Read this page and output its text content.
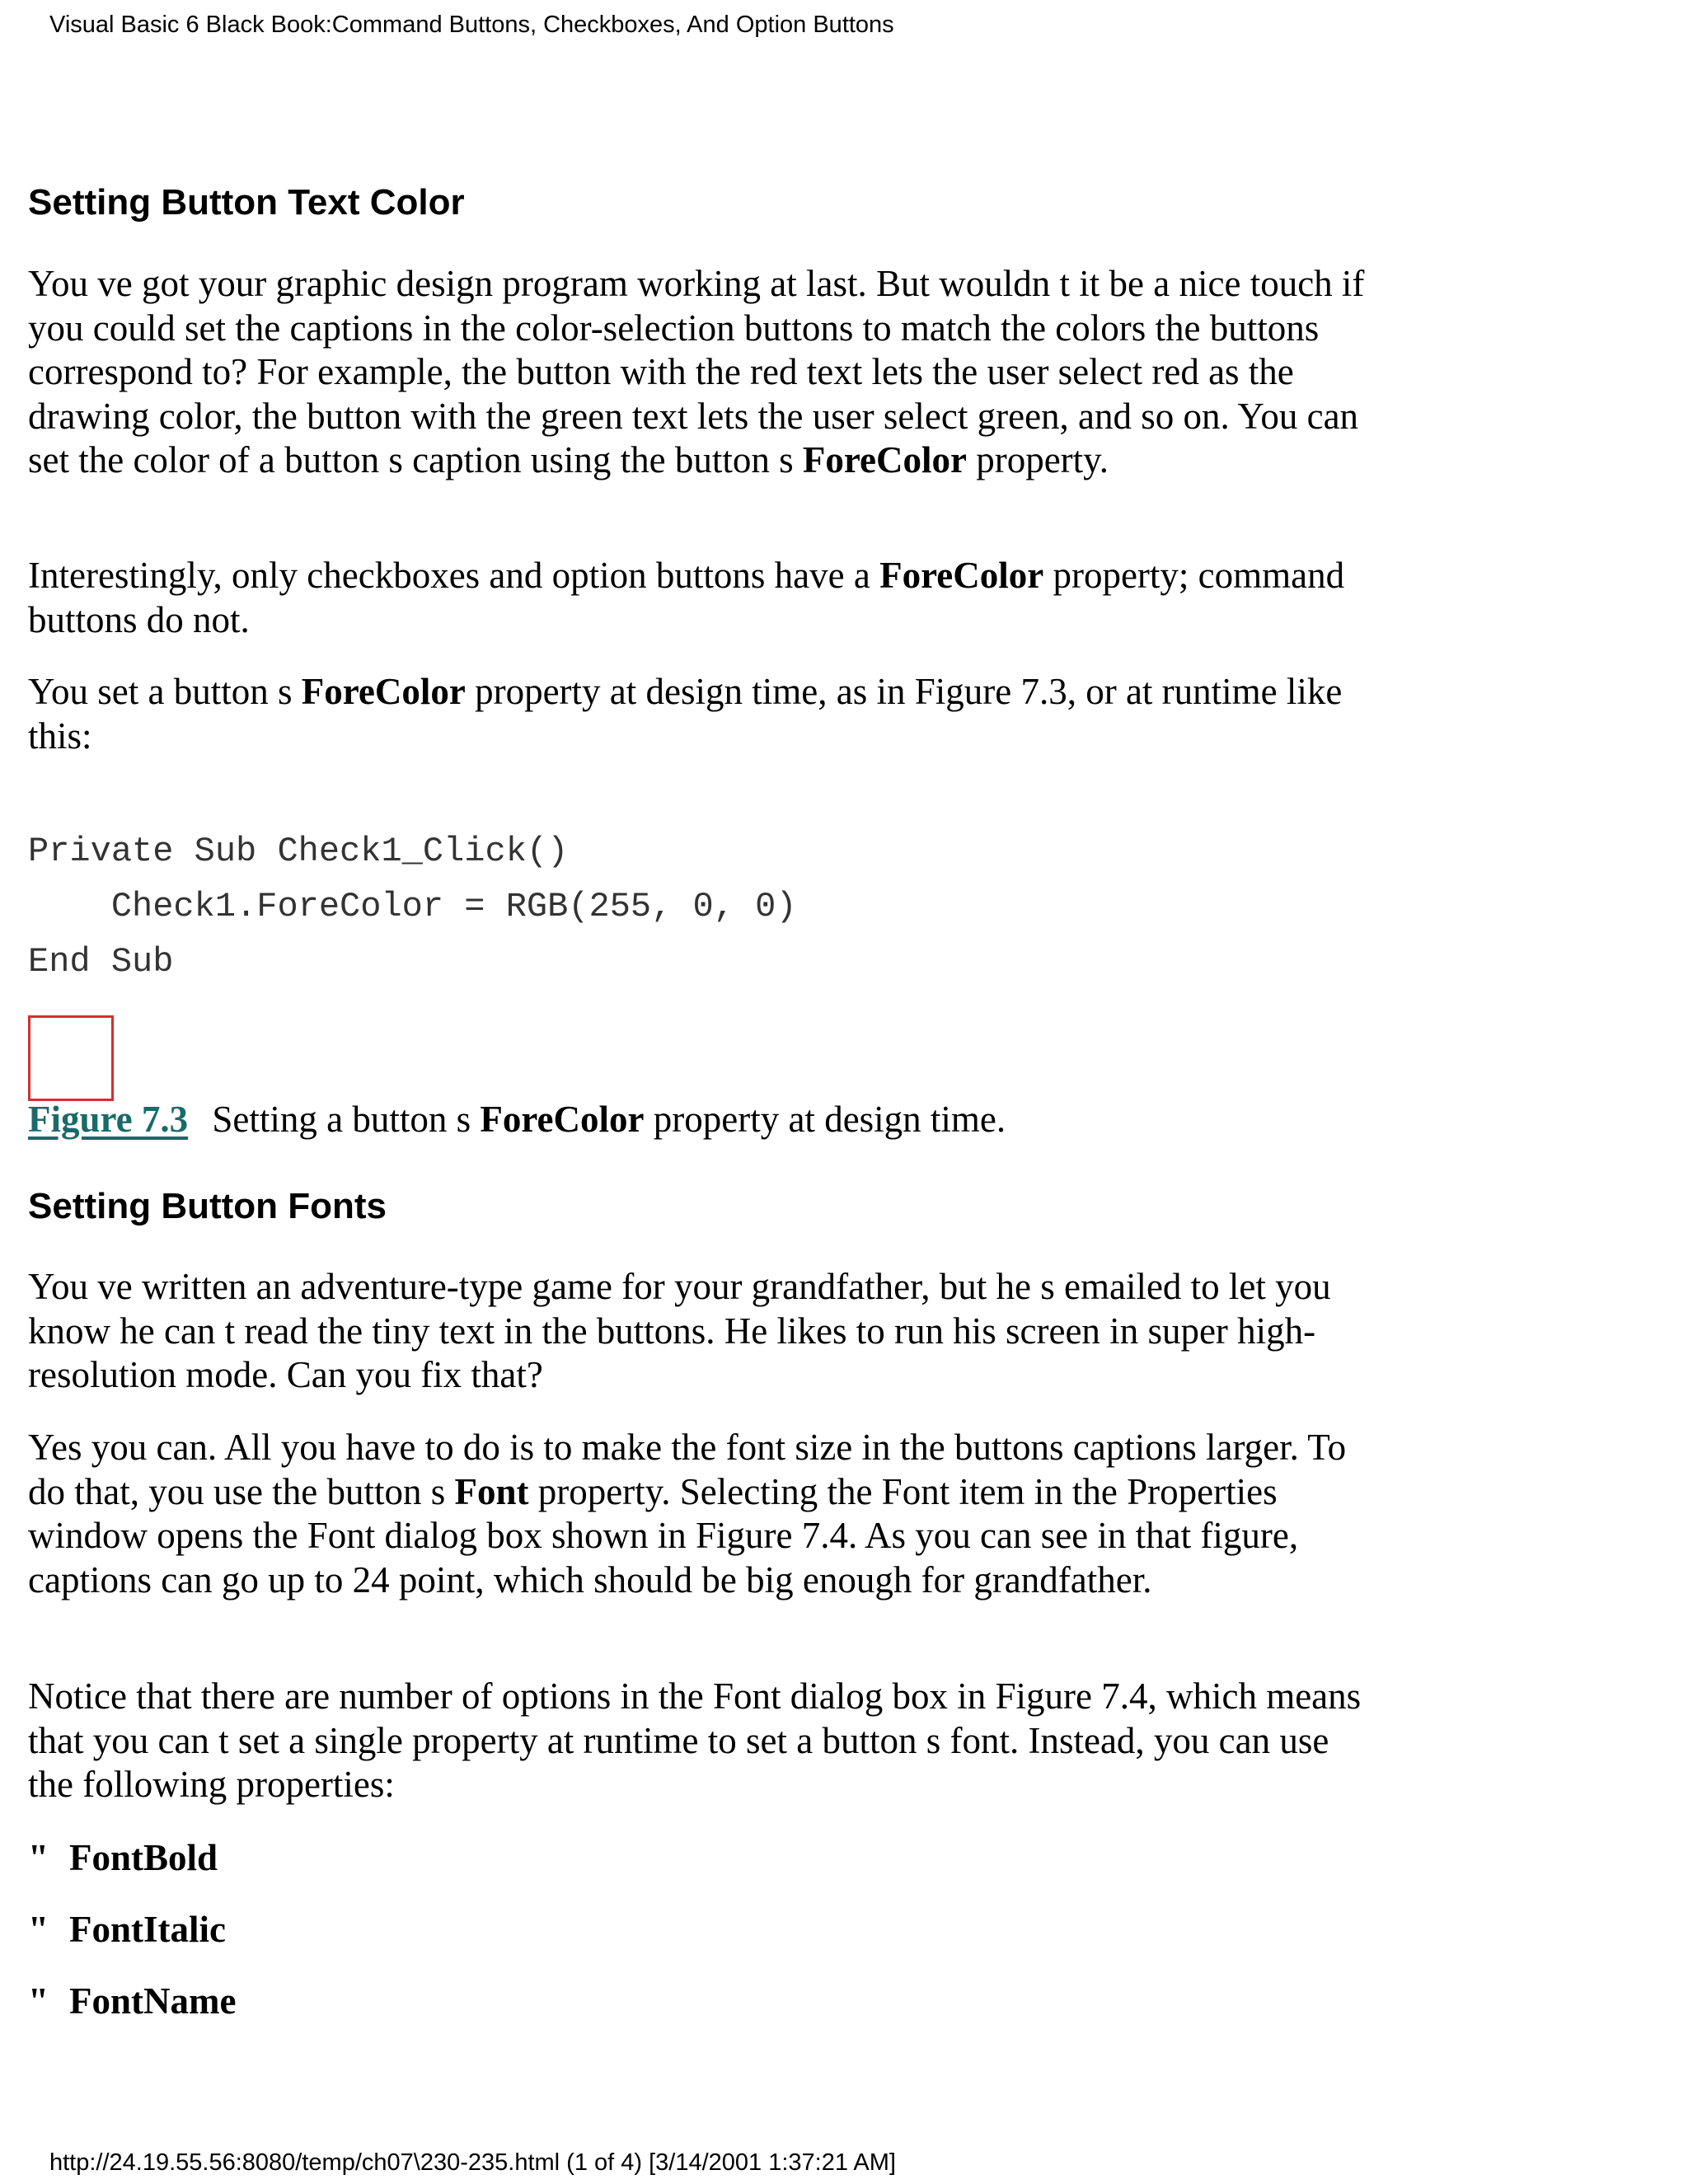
Visual Basic 6 Black Book:Command Buttons, Checkboxes, And Option Buttons
Setting Button Text Color

You ve got your graphic design program working at last. But wouldn t it be a nice touch if you could set the captions in the color-selection buttons to match the colors the buttons correspond to? For example, the button with the red text lets the user select red as the drawing color, the button with the green text lets the user select green, and so on. You can set the color of a button s caption using the button s ForeColor property.

Interestingly, only checkboxes and option buttons have a ForeColor property; command buttons do not.

You set a button s ForeColor property at design time, as in Figure 7.3, or at runtime like this:

Private Sub Check1_Click()
Check1.ForeColor = RGB(255, 0, 0)
End Sub
Figure 7.3 Setting a button s ForeColor property at design time.
Setting Button Fonts

You ve written an adventure-type game for your grandfather, but he s emailed to let you know he can t read the tiny text in the buttons. He likes to run his screen in super high-resolution mode. Can you fix that?

Yes you can. All you have to do is to make the font size in the buttons captions larger. To do that, you use the button s Font property. Selecting the Font item in the Properties window opens the Font dialog box shown in Figure 7.4. As you can see in that figure, captions can go up to 24 point, which should be big enough for grandfather.

Notice that there are number of options in the Font dialog box in Figure 7.4, which means that you can t set a single property at runtime to set a button s font. Instead, you can use the following properties:

" FontBold
" FontItalic
" FontName
http://24.19.55.56:8080/temp/ch07\230-235.html (1 of 4) [3/14/2001 1:37:21 AM]
